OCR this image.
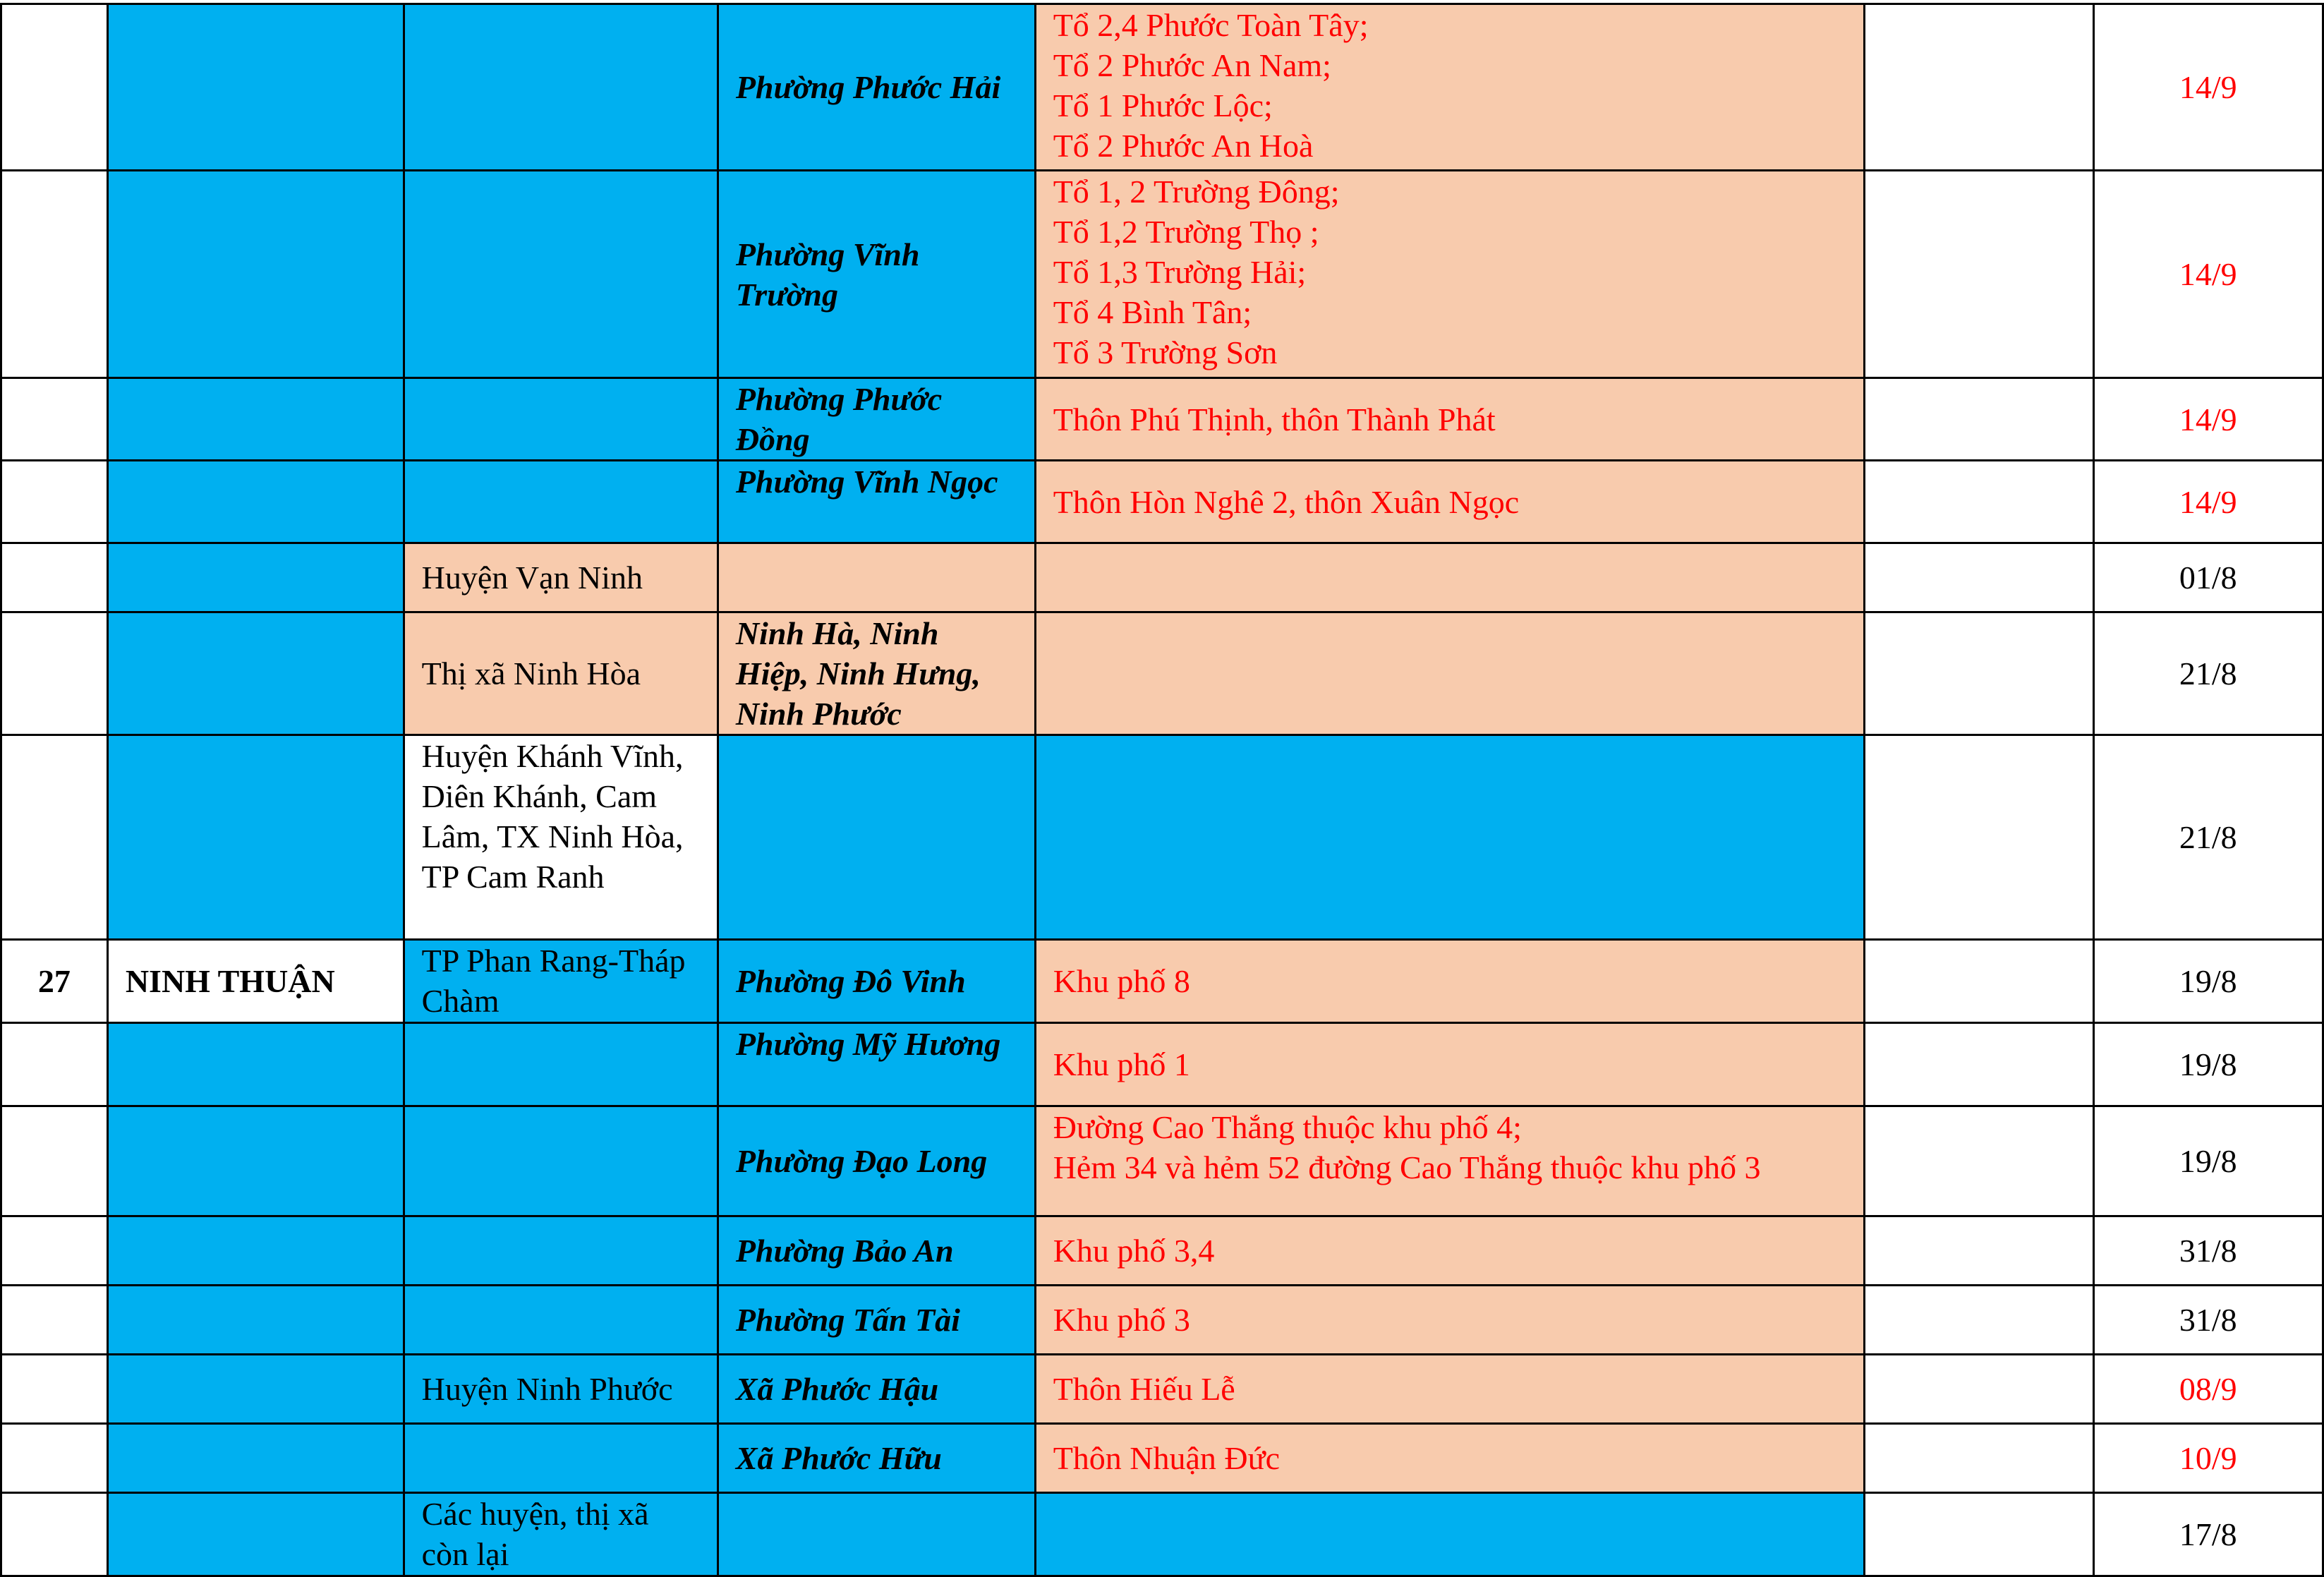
			Phường Phước Hải	Tổ 2,4 Phước Toàn Tây;
Tổ 2 Phước An Nam;
Tổ 1 Phước Lộc;
Tổ 2 Phước An Hoà		14/9

			Phường Vĩnh Trường	Tổ 1, 2 Trường Đông;
Tổ 1,2 Trường Thọ ;
Tổ 1,3 Trường Hải;
Tổ 4 Bình Tân;
Tổ 3 Trường Sơn		14/9

			Phường Phước Đồng	Thôn Phú Thịnh, thôn Thành Phát		14/9

			Phường Vĩnh Ngọc	Thôn Hòn Nghê 2, thôn Xuân Ngọc		14/9

		Huyện Vạn Ninh				01/8

		Thị xã Ninh Hòa	Ninh Hà, Ninh Hiệp, Ninh Hưng, Ninh Phước			21/8

		Huyện Khánh Vĩnh, Diên Khánh, Cam Lâm, TX Ninh Hòa, TP Cam Ranh				21/8
27	NINH THUẬN	TP Phan Rang-Tháp Chàm	Phường Đô Vinh	Khu phố 8		19/8

			Phường Mỹ Hương	Khu phố 1		19/8

			Phường Đạo Long	Đường Cao Thắng thuộc khu phố 4;
Hẻm 34 và hẻm 52 đường Cao Thắng thuộc khu phố 3		19/8

			Phường Bảo An	Khu phố 3,4		31/8

			Phường Tấn Tài	Khu phố 3		31/8

		Huyện Ninh Phước	Xã Phước Hậu	Thôn Hiếu Lễ		08/9

			Xã Phước Hữu	Thôn Nhuận Đức		10/9

		Các huyện, thị xã còn lại				17/8
